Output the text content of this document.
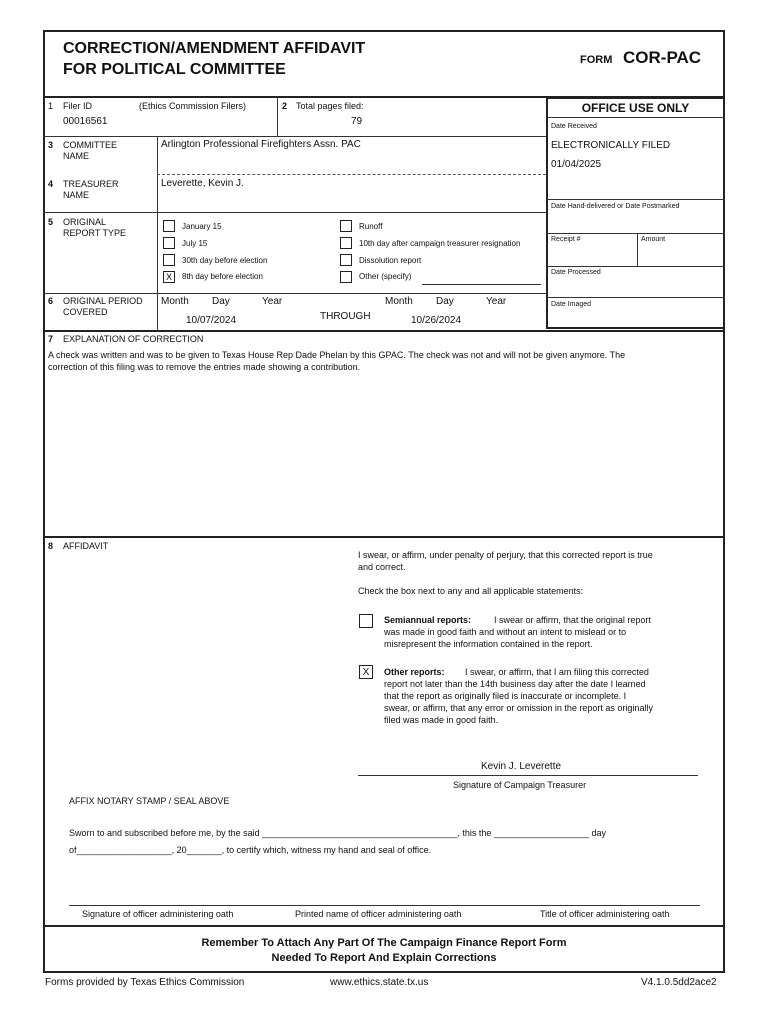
CORRECTION/AMENDMENT AFFIDAVIT
FOR POLITICAL COMMITTEE
FORM COR-PAC
OFFICE USE ONLY
Date Received
ELECTRONICALLY FILED
01/04/2025
Date Hand-delivered or Date Postmarked
Receipt #	Amount
Date Processed
Date Imaged
1 Filer ID	(Ethics Commission Filers)
00016561
2 Total pages filed:
79
3 COMMITTEE
NAME
Arlington Professional Firefighters Assn. PAC
4 TREASURER
NAME
Leverette, Kevin J.
5 ORIGINAL
REPORT TYPE
January 15
July 15
30th day before election
X	8th day before election
Runoff
10th day after campaign treasurer resignation
Dissolution report
Other (specify)
6 ORIGINAL PERIOD
COVERED
Month Day	Year
10/07/2024	THROUGH
Month Day	Year
10/26/2024
7 EXPLANATION OF CORRECTION
A check was written and was to be given to Texas House Rep Dade Phelan by this GPAC. The check was not and will not be given anymore. The
correction of this filing was to remove the entries made showing a contribution.
8 AFFIDAVIT
I swear, or affirm, under penalty of perjury, that this corrected report is true
and correct.
Check the box next to any and all applicable statements:
Semiannual reports:	I swear or affirm, that the original report
was made in good faith and without an intent to mislead or to
misrepresent the information contained in the report.
X	Other reports: I swear, or affirm, that I am filing this corrected
report not later than the 14th business day after the date I learned
that the report as originally filed is inaccurate or incomplete. I
swear, or affirm, that any error or omission in the report as originally
filed was made in good faith.
Kevin J. Leverette
Signature of Campaign Treasurer
AFFIX NOTARY STAMP / SEAL ABOVE
Sworn to and subscribed before me, by the said _______________________________________, this the ___________________ day
of___________________, 20_______, to certify which, witness my hand and seal of office.
Signature of officer administering oath	Printed name of officer administering oath	Title of officer administering oath
Remember To Attach Any Part Of The Campaign Finance Report Form
Needed To Report And Explain Corrections
Forms provided by Texas Ethics Commission	www.ethics.state.tx.us	V4.1.0.5dd2ace2
